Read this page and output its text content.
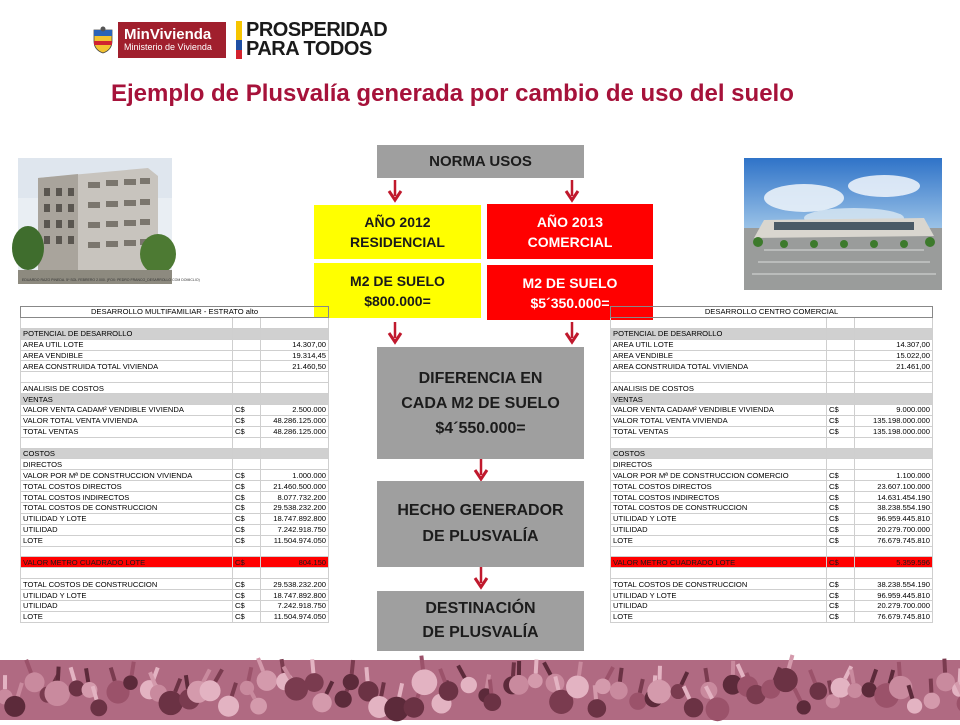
MinVivienda
Ministerio de Vivienda
PROSPERIDAD
PARA TODOS
Ejemplo de Plusvalía generada por cambio de uso del suelo
EDUARDO RAZO PINEDA. 5º SOL FEBRERO 2.000. (FOX: PEDRO FRANCO_DESARROLLO COM DOMICLIO)
NORMA USOS
AÑO 2012
RESIDENCIAL
AÑO 2013
COMERCIAL
M2 DE SUELO
$800.000=
M2 DE SUELO
$5´350.000=
DIFERENCIA EN
CADA M2 DE SUELO
$4´550.000=
HECHO GENERADOR
DE PLUSVALÍA
DESTINACIÓN
DE PLUSVALÍA
DESARROLLO MULTIFAMILIAR - ESTRATO alto		

POTENCIAL DE DESARROLLO		
AREA UTIL LOTE		14.307,00
AREA VENDIBLE		19.314,45
AREA CONSTRUIDA TOTAL VIVIENDA		21.460,50

ANALISIS DE COSTOS		
VENTAS		
VALOR VENTA CADAM² VENDIBLE VIVIENDA	C$	2.500.000
VALOR TOTAL VENTA VIVIENDA	C$	48.286.125.000
TOTAL VENTAS	C$	48.286.125.000

COSTOS		
DIRECTOS		
VALOR POR Mª DE CONSTRUCCION VIVIENDA	C$	1.000.000
TOTAL COSTOS DIRECTOS	C$	21.460.500.000
TOTAL COSTOS INDIRECTOS	C$	8.077.732.200
TOTAL COSTOS DE CONSTRUCCION	C$	29.538.232.200
UTILIDAD Y LOTE	C$	18.747.892.800
UTILIDAD	C$	7.242.918.750
LOTE	C$	11.504.974.050

VALOR METRO CUADRADO LOTE	C$	804.150

TOTAL COSTOS DE CONSTRUCCION	C$	29.538.232.200
UTILIDAD Y LOTE	C$	18.747.892.800
UTILIDAD	C$	7.242.918.750
LOTE	C$	11.504.974.050
DESARROLLO CENTRO COMERCIAL		

POTENCIAL DE DESARROLLO		
AREA UTIL LOTE		14.307,00
AREA VENDIBLE		15.022,00
AREA CONSTRUIDA TOTAL VIVIENDA		21.461,00

ANALISIS DE COSTOS		
VENTAS		
VALOR VENTA CADAM² VENDIBLE VIVIENDA	C$	9.000.000
VALOR TOTAL VENTA VIVIENDA	C$	135.198.000.000
TOTAL VENTAS	C$	135.198.000.000

COSTOS		
DIRECTOS		
VALOR POR Mª DE CONSTRUCCION COMERCIO	C$	1.100.000
TOTAL COSTOS DIRECTOS	C$	23.607.100.000
TOTAL COSTOS INDIRECTOS	C$	14.631.454.190
TOTAL COSTOS DE CONSTRUCCION	C$	38.238.554.190
UTILIDAD Y LOTE	C$	96.959.445.810
UTILIDAD	C$	20.279.700.000
LOTE	C$	76.679.745.810

VALOR METRO CUADRADO LOTE	C$	5.359.596

TOTAL COSTOS DE CONSTRUCCION	C$	38.238.554.190
UTILIDAD Y LOTE	C$	96.959.445.810
UTILIDAD	C$	20.279.700.000
LOTE	C$	76.679.745.810
